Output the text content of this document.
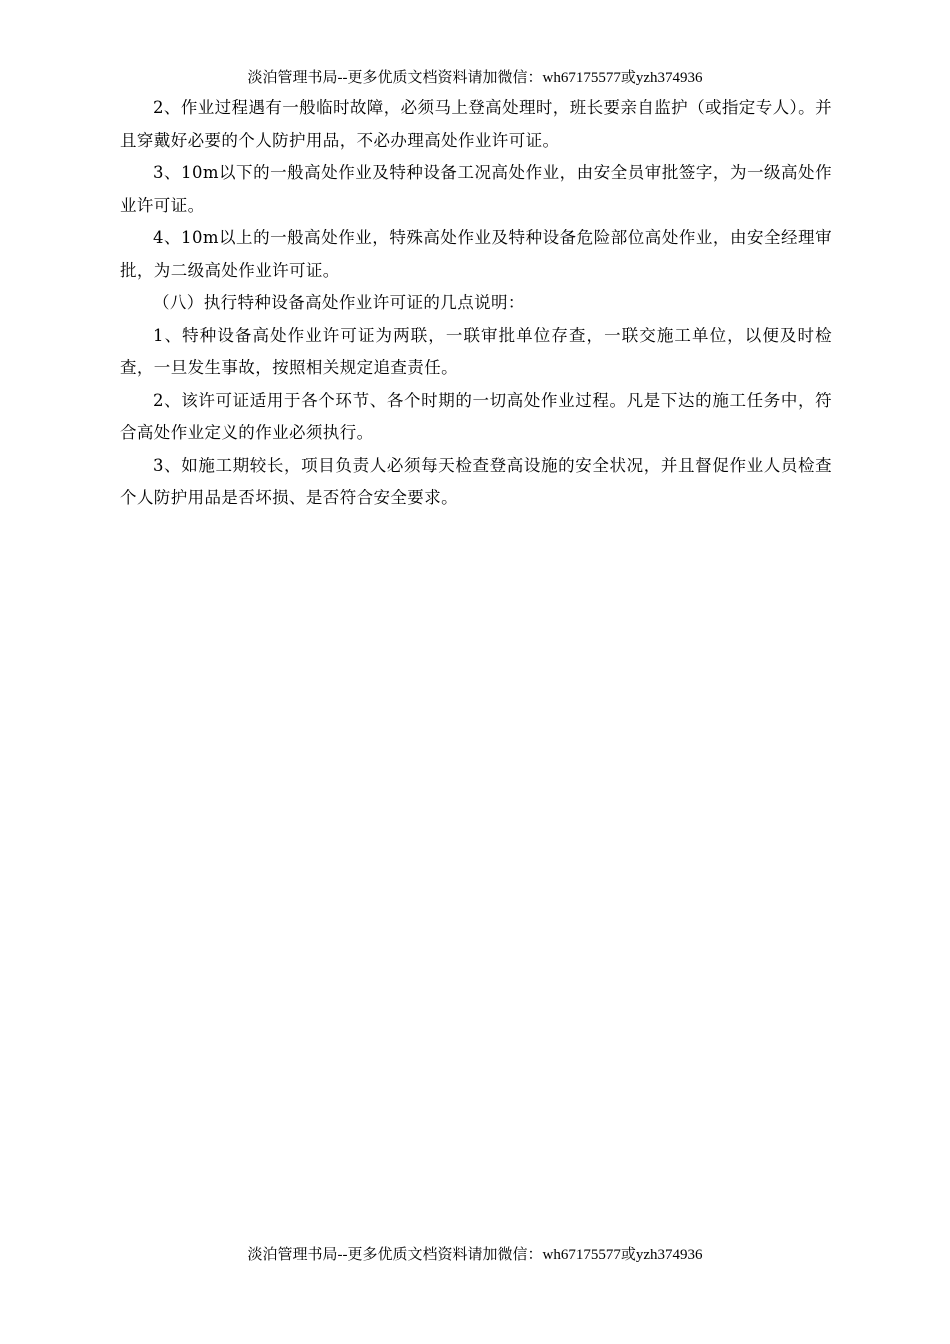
淡泊管理书局--更多优质文档资料请加微信：wh67175577或yzh374936

2、作业过程遇有一般临时故障，必须马上登高处理时，班长要亲自监护（或指定专人）。并且穿戴好必要的个人防护用品，不必办理高处作业许可证。

3、10m以下的一般高处作业及特种设备工况高处作业，由安全员审批签字，为一级高处作业许可证。

4、10m以上的一般高处作业，特殊高处作业及特种设备危险部位高处作业，由安全经理审批，为二级高处作业许可证。

（八）执行特种设备高处作业许可证的几点说明：

1、特种设备高处作业许可证为两联，一联审批单位存查，一联交施工单位，以便及时检查，一旦发生事故，按照相关规定追查责任。

2、该许可证适用于各个环节、各个时期的一切高处作业过程。凡是下达的施工任务中，符合高处作业定义的作业必须执行。

3、如施工期较长，项目负责人必须每天检查登高设施的安全状况，并且督促作业人员检查个人防护用品是否坏损、是否符合安全要求。

淡泊管理书局--更多优质文档资料请加微信：wh67175577或yzh374936
